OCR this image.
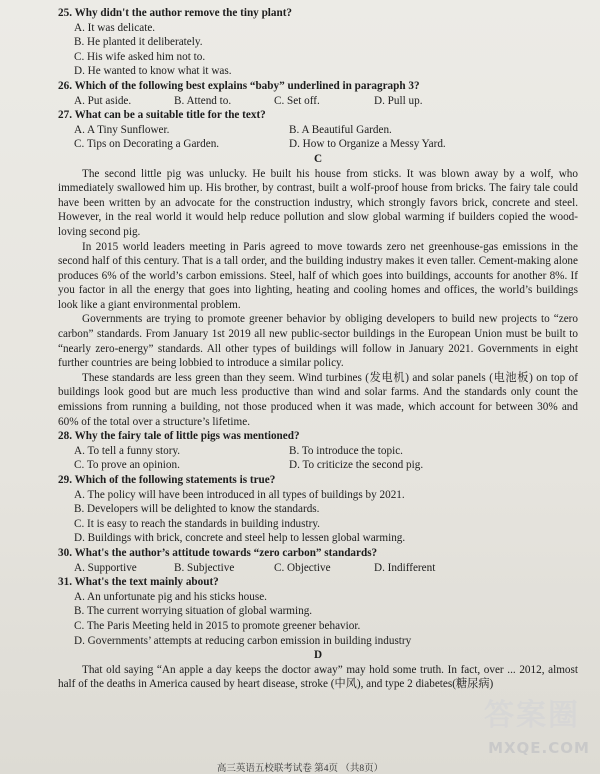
25. Why didn't the author remove the tiny plant?
A. It was delicate.
B. He planted it deliberately.
C. His wife asked him not to.
D. He wanted to know what it was.
26. Which of the following best explains “baby” underlined in paragraph 3?
A. Put aside.	B. Attend to.	C. Set off.	D. Pull up.
27. What can be a suitable title for the text?
A. A Tiny Sunflower.	B. A Beautiful Garden.
C. Tips on Decorating a Garden.	D. How to Organize a Messy Yard.

C

The second little pig was unlucky. He built his house from sticks. It was blown away by a wolf, who immediately swallowed him up. His brother, by contrast, built a wolf-proof house from bricks. The fairy tale could have been written by an advocate for the construction industry, which strongly favors brick, concrete and steel. However, in the real world it would help reduce pollution and slow global warming if builders copied the wood-loving second pig.

In 2015 world leaders meeting in Paris agreed to move towards zero net greenhouse-gas emissions in the second half of this century. That is a tall order, and the building industry makes it even taller. Cement-making alone produces 6% of the world’s carbon emissions. Steel, half of which goes into buildings, accounts for another 8%. If you factor in all the energy that goes into lighting, heating and cooling homes and offices, the world’s buildings look like a giant environmental problem.

Governments are trying to promote greener behavior by obliging developers to build new projects to “zero carbon” standards. From January 1st 2019 all new public-sector buildings in the European Union must be built to “nearly zero-energy” standards. All other types of buildings will follow in January 2021. Governments in eight further countries are being lobbied to introduce a similar policy.

These standards are less green than they seem. Wind turbines (发电机) and solar panels (电池板) on top of buildings look good but are much less productive than wind and solar farms. And the standards only count the emissions from running a building, not those produced when it was made, which account for between 30% and 60% of the total over a structure’s lifetime.

28. Why the fairy tale of little pigs was mentioned?
A. To tell a funny story.	B. To introduce the topic.
C. To prove an opinion.	D. To criticize the second pig.
29. Which of the following statements is true?
A. The policy will have been introduced in all types of buildings by 2021.
B. Developers will be delighted to know the standards.
C. It is easy to reach the standards in building industry.
D. Buildings with brick, concrete and steel help to lessen global warming.
30. What's the author’s attitude towards “zero carbon” standards?
A. Supportive	B. Subjective	C. Objective	D. Indifferent
31. What's the text mainly about?
A. An unfortunate pig and his sticks house.
B. The current worrying situation of global warming.
C. The Paris Meeting held in 2015 to promote greener behavior.
D. Governments’ attempts at reducing carbon emission in building industry

D

That old saying “An apple a day keeps the doctor away” may hold some truth. In fact, over ... 2012, almost half of the deaths in America caused by heart disease, stroke (中风), and type 2 diabetes(糖尿病)

高三英语五校联考试卷 第4页 （共8页）
答案圈
MXQE.COM
